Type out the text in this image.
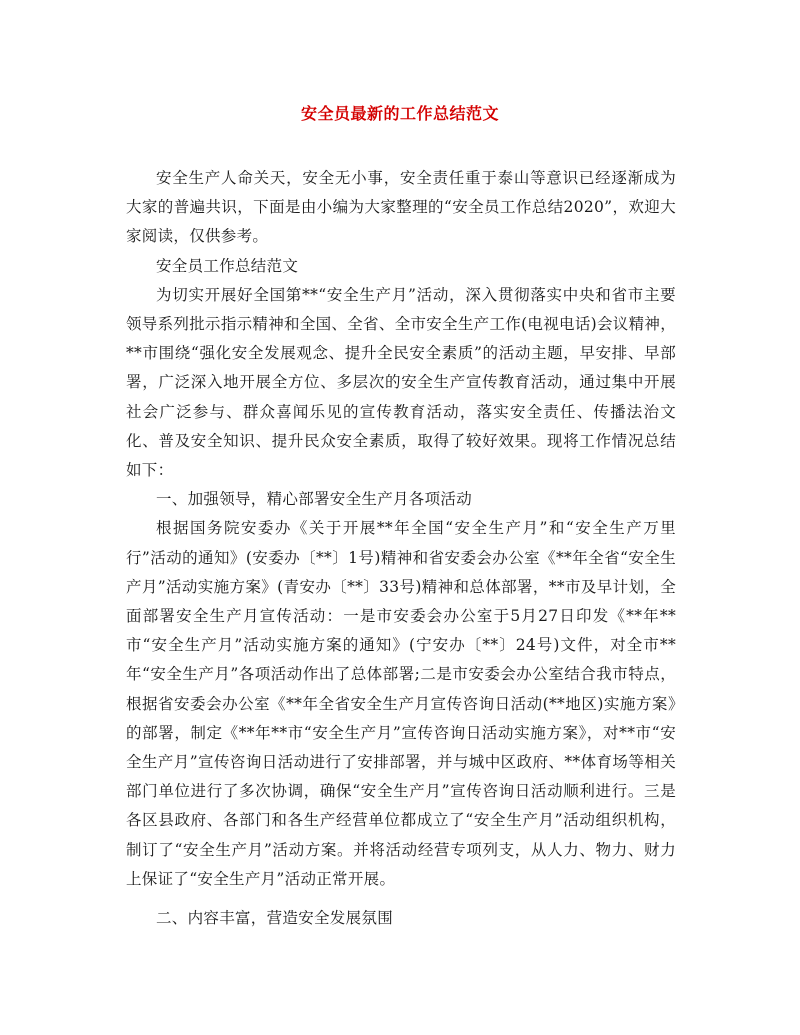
安全员最新的工作总结范文

安全生产人命关天，安全无小事，安全责任重于泰山等意识已经逐渐成为大家的普遍共识，下面是由小编为大家整理的“安全员工作总结2020”，欢迎大家阅读，仅供参考。

安全员工作总结范文

为切实开展好全国第**“安全生产月”活动，深入贯彻落实中央和省市主要领导系列批示指示精神和全国、全省、全市安全生产工作(电视电话)会议精神，**市围绕“强化安全发展观念、提升全民安全素质”的活动主题，早安排、早部署，广泛深入地开展全方位、多层次的安全生产宣传教育活动，通过集中开展社会广泛参与、群众喜闻乐见的宣传教育活动，落实安全责任、传播法治文化、普及安全知识、提升民众安全素质，取得了较好效果。现将工作情况总结如下：

一、加强领导，精心部署安全生产月各项活动

根据国务院安委办《关于开展**年全国“安全生产月”和“安全生产万里行”活动的通知》(安委办〔**〕1号)精神和省安委会办公室《**年全省“安全生产月”活动实施方案》(青安办〔**〕33号)精神和总体部署，**市及早计划，全面部署安全生产月宣传活动：一是市安委会办公室于5月27日印发《**年**市“安全生产月”活动实施方案的通知》(宁安办〔**〕24号)文件，对全市**年“安全生产月”各项活动作出了总体部署;二是市安委会办公室结合我市特点，根据省安委会办公室《**年全省安全生产月宣传咨询日活动(**地区)实施方案》的部署，制定《**年**市“安全生产月”宣传咨询日活动实施方案》，对**市“安全生产月”宣传咨询日活动进行了安排部署，并与城中区政府、**体育场等相关部门单位进行了多次协调，确保“安全生产月”宣传咨询日活动顺利进行。三是各区县政府、各部门和各生产经营单位都成立了“安全生产月”活动组织机构，制订了“安全生产月”活动方案。并将活动经营专项列支，从人力、物力、财力上保证了“安全生产月”活动正常开展。

二、内容丰富，营造安全发展氛围
